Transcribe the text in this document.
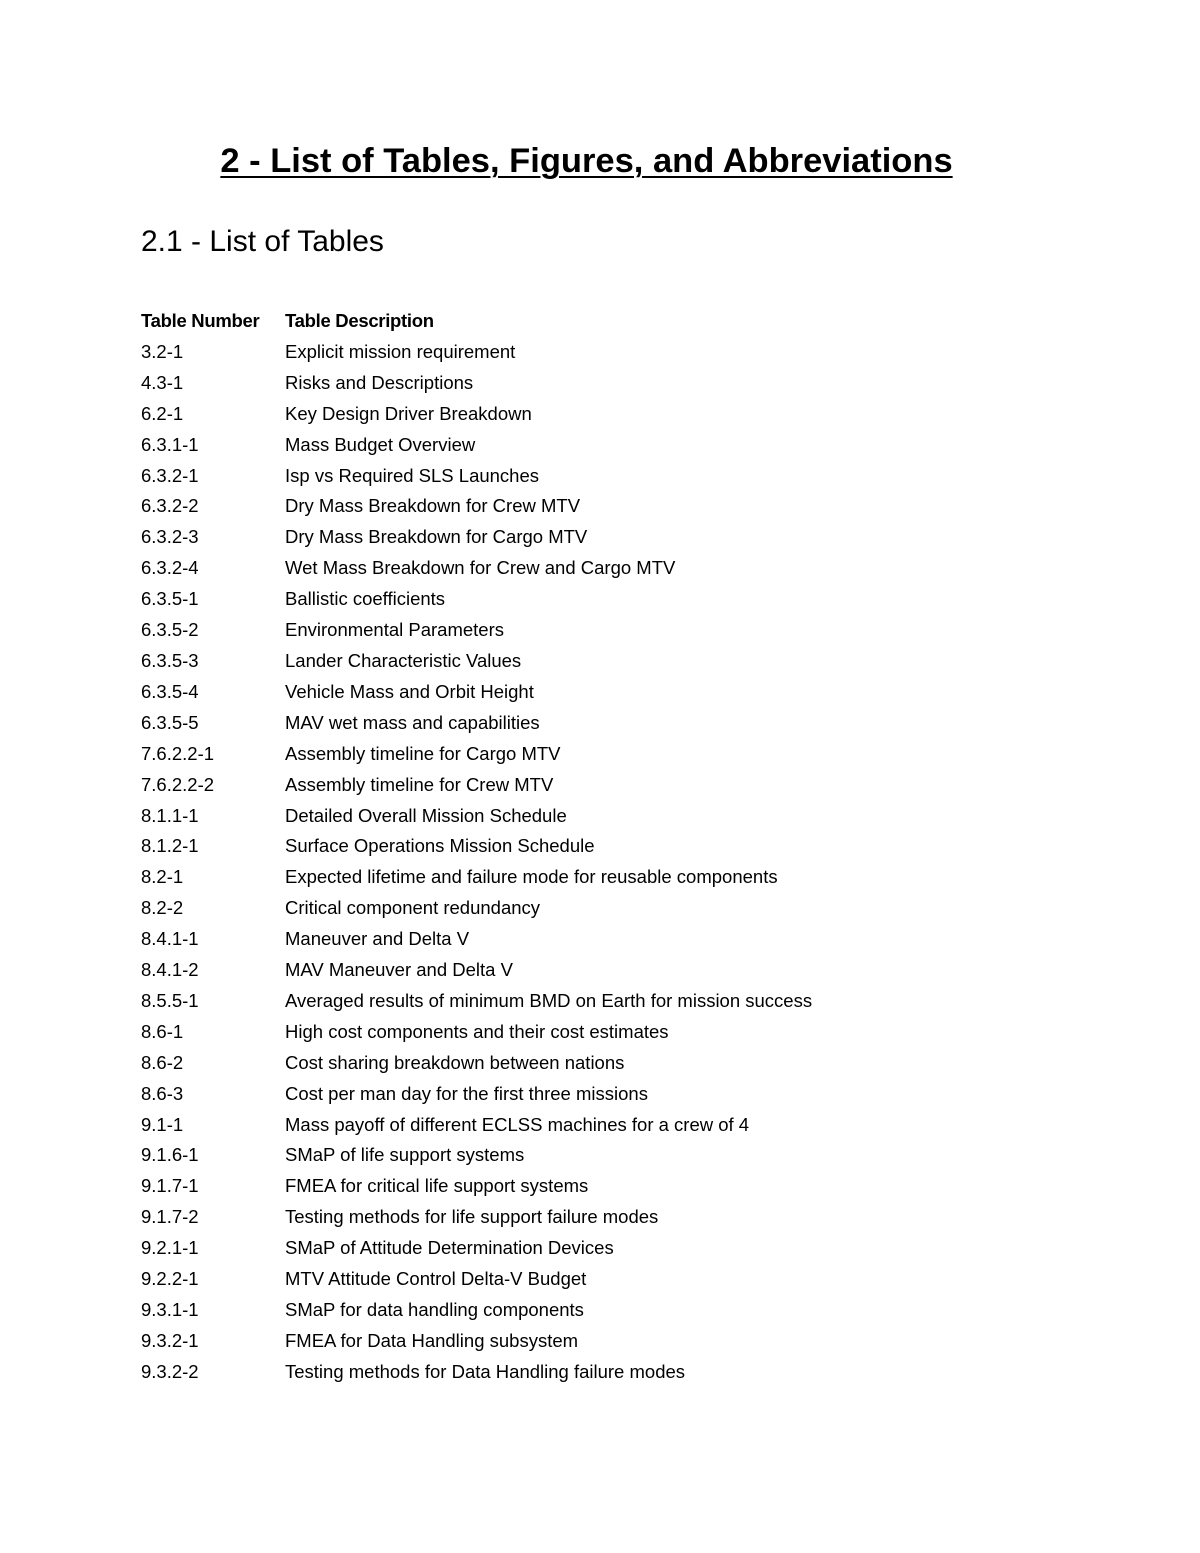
2 - List of Tables, Figures, and Abbreviations
2.1 - List of Tables
Table Number	Table Description
3.2-1	Explicit mission requirement
4.3-1	Risks and Descriptions
6.2-1	Key Design Driver Breakdown
6.3.1-1	Mass Budget Overview
6.3.2-1	Isp vs Required SLS Launches
6.3.2-2	Dry Mass Breakdown for Crew MTV
6.3.2-3	Dry Mass Breakdown for Cargo MTV
6.3.2-4	Wet Mass Breakdown for Crew and Cargo MTV
6.3.5-1	Ballistic coefficients
6.3.5-2	Environmental Parameters
6.3.5-3	Lander Characteristic Values
6.3.5-4	Vehicle Mass and Orbit Height
6.3.5-5	MAV wet mass and capabilities
7.6.2.2-1	Assembly timeline for Cargo MTV
7.6.2.2-2	Assembly timeline for Crew MTV
8.1.1-1	Detailed Overall Mission Schedule
8.1.2-1	Surface Operations Mission Schedule
8.2-1	Expected lifetime and failure mode for reusable components
8.2-2	Critical component redundancy
8.4.1-1	Maneuver and Delta V
8.4.1-2	MAV Maneuver and Delta V
8.5.5-1	Averaged results of minimum BMD on Earth for mission success
8.6-1	High cost components and their cost estimates
8.6-2	Cost sharing breakdown between nations
8.6-3	Cost per man day for the first three missions
9.1-1	Mass payoff of different ECLSS machines for a crew of 4
9.1.6-1	SMaP of life support systems
9.1.7-1	FMEA for critical life support systems
9.1.7-2	Testing methods for life support failure modes
9.2.1-1	SMaP of Attitude Determination Devices
9.2.2-1	MTV Attitude Control Delta-V Budget
9.3.1-1	SMaP for data handling components
9.3.2-1	FMEA for Data Handling subsystem
9.3.2-2	Testing methods for Data Handling failure modes
